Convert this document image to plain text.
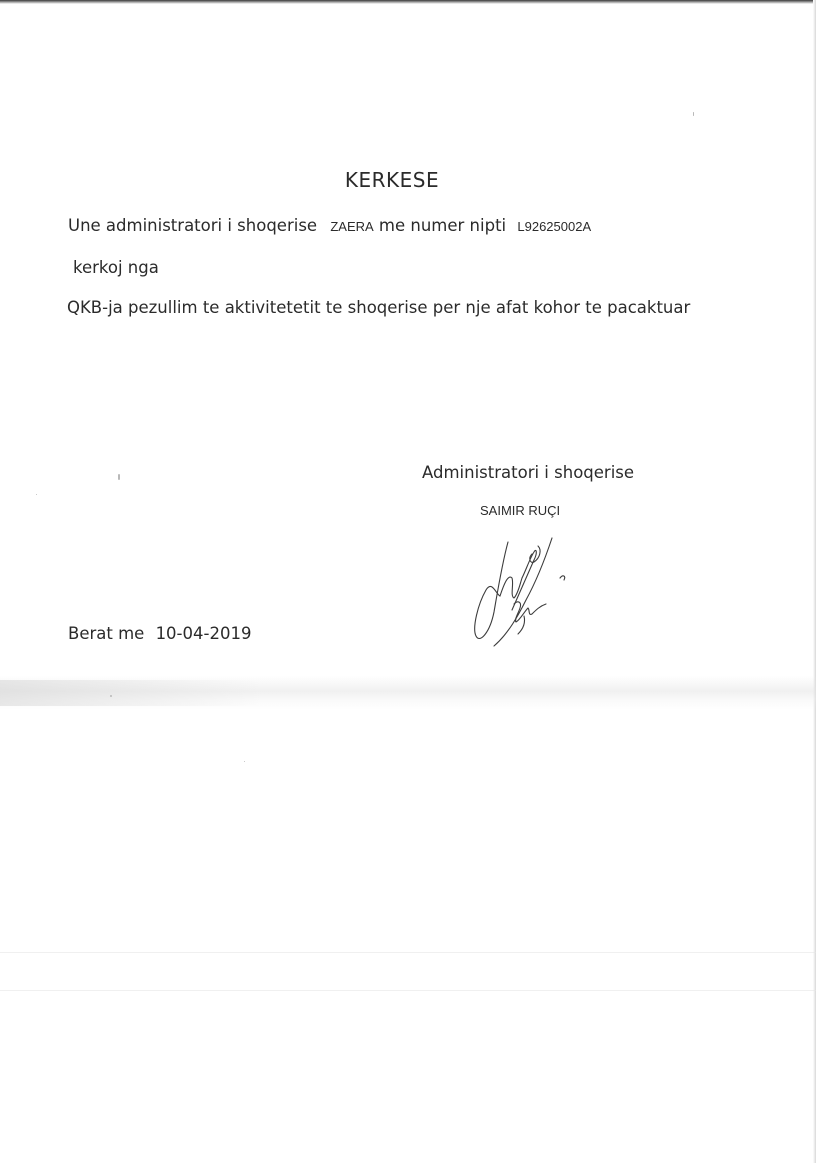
KERKESE
Une administratori i shoqerise ZAERA me numer nipti L92625002A
kerkoj nga
QKB-ja pezullim te aktivitetetit te shoqerise per nje afat kohor te pacaktuar
Administratori i shoqerise
SAIMIR RUÇI
Berat me 10-04-2019
